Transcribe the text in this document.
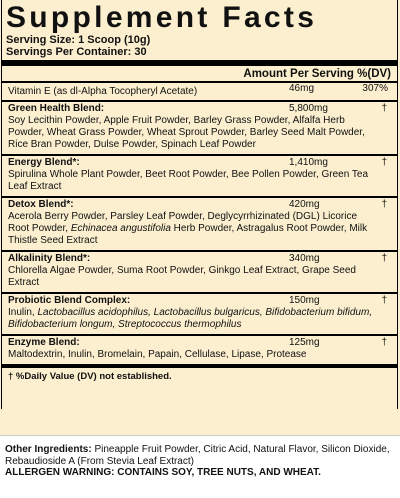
Supplement Facts
Serving Size: 1 Scoop (10g)
Servings Per Container: 30
Amount Per Serving %(DV)
Vitamin E (as dl-Alpha Tocopheryl Acetate)	46mg	307%
Green Health Blend:	5,800mg	†
Soy Lecithin Powder, Apple Fruit Powder, Barley Grass Powder, Alfalfa Herb Powder, Wheat Grass Powder, Wheat Sprout Powder, Barley Seed Malt Powder, Rice Bran Powder, Dulse Powder, Spinach Leaf Powder
Energy Blend*:	1,410mg	†
Spirulina Whole Plant Powder, Beet Root Powder, Bee Pollen Powder, Green Tea Leaf Extract
Detox Blend*:	420mg	†
Acerola Berry Powder, Parsley Leaf Powder, Deglycyrrhizinated (DGL) Licorice Root Powder, Echinacea angustifolia Herb Powder, Astragalus Root Powder, Milk Thistle Seed Extract
Alkalinity Blend*:	340mg	†
Chlorella Algae Powder, Suma Root Powder, Ginkgo Leaf Extract, Grape Seed Extract
Probiotic Blend Complex:	150mg	†
Inulin, Lactobacillus acidophilus, Lactobacillus bulgaricus, Bifidobacterium bifidum, Bifidobacterium longum, Streptococcus thermophilus
Enzyme Blend:	125mg	†
Maltodextrin, Inulin, Bromelain, Papain, Cellulase, Lipase, Protease
† %Daily Value (DV) not established.
Other Ingredients: Pineapple Fruit Powder, Citric Acid, Natural Flavor, Silicon Dioxide, Rebaudioside A (From Stevia Leaf Extract)
ALLERGEN WARNING: CONTAINS SOY, TREE NUTS, AND WHEAT.
